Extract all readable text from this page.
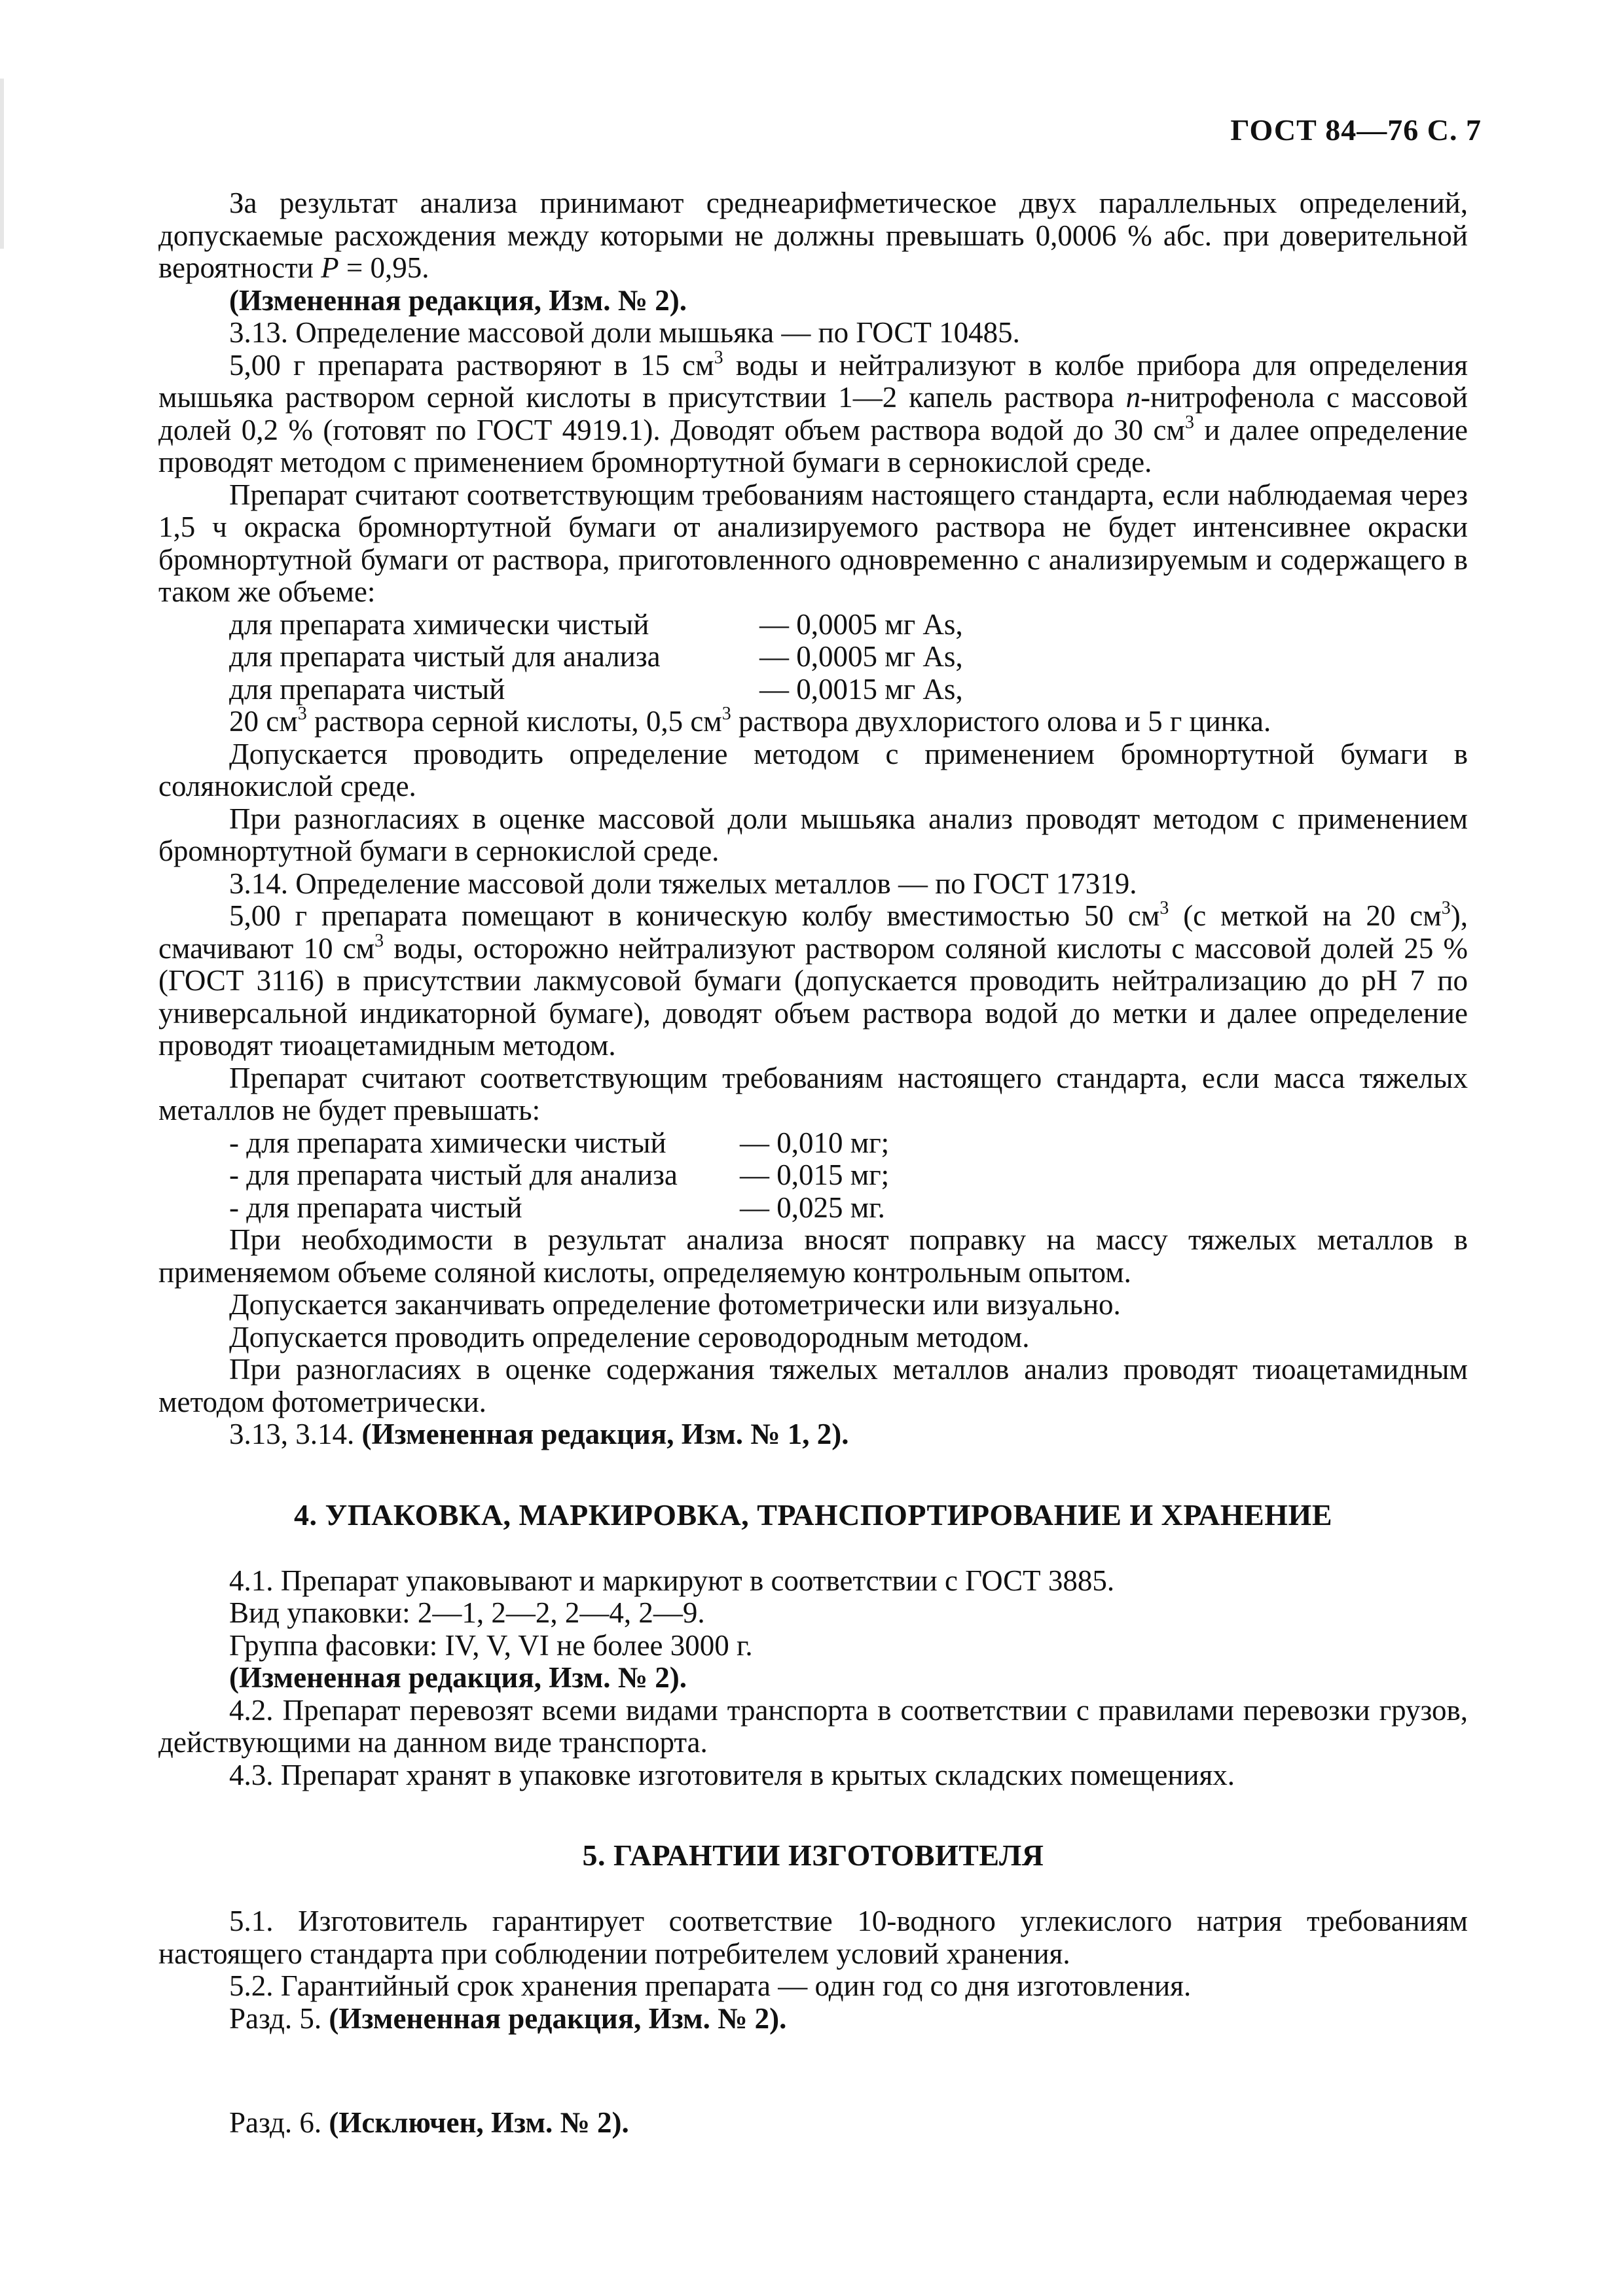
ГОСТ 84—76 С. 7

За результат анализа принимают среднеарифметическое двух параллельных определений, допускаемые расхождения между которыми не должны превышать 0,0006 % абс. при доверительной вероятности P = 0,95.

(Измененная редакция, Изм. № 2).

3.13. Определение массовой доли мышьяка — по ГОСТ 10485.

5,00 г препарата растворяют в 15 $см^3$ воды и нейтрализуют в колбе прибора для определения мышьяка раствором серной кислоты в присутствии 1—2 капель раствора n-нитрофенола с массовой долей 0,2 % (готовят по ГОСТ 4919.1). Доводят объем раствора водой до 30 $см^3$ и далее определение проводят методом с применением бромнортутной бумаги в сернокислой среде.

Препарат считают соответствующим требованиям настоящего стандарта, если наблюдаемая через 1,5 ч окраска бромнортутной бумаги от анализируемого раствора не будет интенсивнее окраски бромнортутной бумаги от раствора, приготовленного одновременно с анализируемым и содержащего в таком же объеме:

для препарата химически чистый	— 0,0005 мг As,
для препарата чистый для анализа	— 0,0005 мг As,
для препарата чистый	— 0,0015 мг As,

20 $см^3$ раствора серной кислоты, 0,5 $см^3$ раствора двухлористого олова и 5 г цинка.

Допускается проводить определение методом с применением бромнортутной бумаги в солянокислой среде.

При разногласиях в оценке массовой доли мышьяка анализ проводят методом с применением бромнортутной бумаги в сернокислой среде.

3.14. Определение массовой доли тяжелых металлов — по ГОСТ 17319.

5,00 г препарата помещают в коническую колбу вместимостью 50 $см^3$ (с меткой на 20 $см^3$), смачивают 10 $см^3$ воды, осторожно нейтрализуют раствором соляной кислоты с массовой долей 25 % (ГОСТ 3116) в присутствии лакмусовой бумаги (допускается проводить нейтрализацию до pH 7 по универсальной индикаторной бумаге), доводят объем раствора водой до метки и далее определение проводят тиоацетамидным методом.

Препарат считают соответствующим требованиям настоящего стандарта, если масса тяжелых металлов не будет превышать:

- для препарата химически чистый	— 0,010 мг;
- для препарата чистый для анализа	— 0,015 мг;
- для препарата чистый	— 0,025 мг.

При необходимости в результат анализа вносят поправку на массу тяжелых металлов в применяемом объеме соляной кислоты, определяемую контрольным опытом.

Допускается заканчивать определение фотометрически или визуально.

Допускается проводить определение сероводородным методом.

При разногласиях в оценке содержания тяжелых металлов анализ проводят тиоацетамидным методом фотометрически.

3.13, 3.14. (Измененная редакция, Изм. № 1, 2).

4. УПАКОВКА, МАРКИРОВКА, ТРАНСПОРТИРОВАНИЕ И ХРАНЕНИЕ

4.1. Препарат упаковывают и маркируют в соответствии с ГОСТ 3885.

Вид упаковки: 2—1, 2—2, 2—4, 2—9.

Группа фасовки: IV, V, VI не более 3000 г.

(Измененная редакция, Изм. № 2).

4.2. Препарат перевозят всеми видами транспорта в соответствии с правилами перевозки грузов, действующими на данном виде транспорта.

4.3. Препарат хранят в упаковке изготовителя в крытых складских помещениях.

5. ГАРАНТИИ ИЗГОТОВИТЕЛЯ

5.1. Изготовитель гарантирует соответствие 10-водного углекислого натрия требованиям настоящего стандарта при соблюдении потребителем условий хранения.

5.2. Гарантийный срок хранения препарата — один год со дня изготовления.

Разд. 5. (Измененная редакция, Изм. № 2).

Разд. 6. (Исключен, Изм. № 2).
